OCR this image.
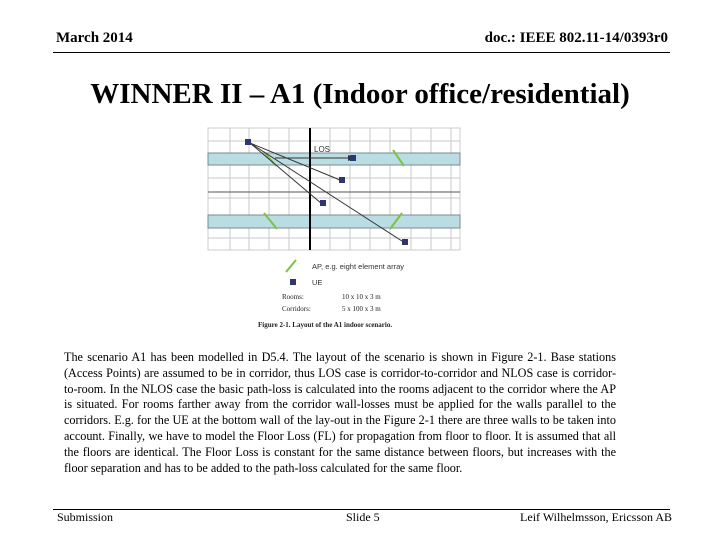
March 2014	doc.: IEEE 802.11-14/0393r0
WINNER II – A1 (Indoor office/residential)
LOS
AP, e.g. eight element array
UE
Rooms:	10 x 10 x 3 m
Corridors:	5 x 100 x 3 m
Figure 2-1. Layout of the A1 indoor scenario.
The scenario A1 has been modelled in D5.4. The layout of the scenario is shown in Figure 2-1. Base stations (Access Points) are assumed to be in corridor, thus LOS case is corridor-to-corridor and NLOS case is corridor-to-room. In the NLOS case the basic path-loss is calculated into the rooms adjacent to the corridor where the AP is situated. For rooms farther away from the corridor wall-losses must be applied for the walls parallel to the corridors. E.g. for the UE at the bottom wall of the lay-out in the Figure 2-1 there are three walls to be taken into account. Finally, we have to model the Floor Loss (FL) for propagation from floor to floor. It is assumed that all the floors are identical. The Floor Loss is constant for the same distance between floors, but increases with the floor separation and has to be added to the path-loss calculated for the same floor.
Submission	Slide 5	Leif Wilhelmsson, Ericsson AB
